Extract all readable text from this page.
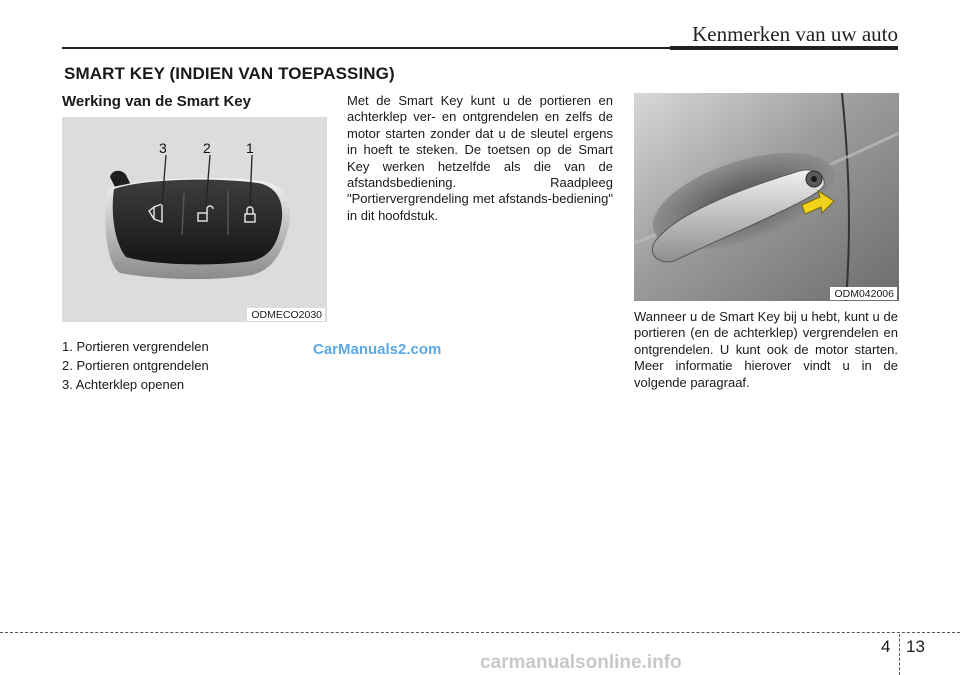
Kenmerken van uw auto
SMART KEY (INDIEN VAN TOEPASSING)
Werking van de Smart Key
3	2	1
ODMECO2030
1. Portieren vergrendelen
2. Portieren ontgrendelen
3. Achterklep openen
CarManuals2.com
Met de Smart Key kunt u de portieren en achterklep ver- en ontgrendelen en zelfs de motor starten zonder dat u de sleutel ergens in hoeft te steken. De toetsen op de Smart Key werken hetzelfde als die van de afstandsbediening. Raadpleeg "Portiervergrendeling met afstands-bediening" in dit hoofdstuk.
ODM042006
Wanneer u de Smart Key bij u hebt, kunt u de portieren (en de achterklep) vergrendelen en ontgrendelen. U kunt ook de motor starten. Meer informatie hierover vindt u in de volgende paragraaf.
4 13
carmanualsonline.info
